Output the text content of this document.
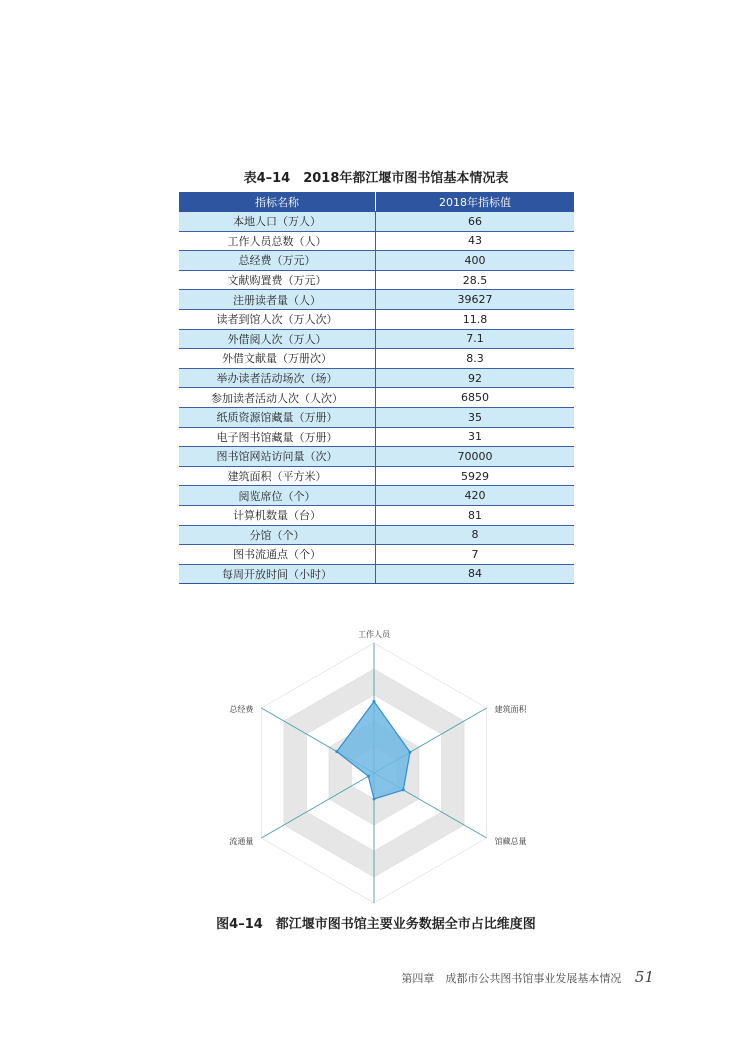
表4–14　2018年都江堰市图书馆基本情况表
指标名称	2018年指标值
本地人口（万人）	66
工作人员总数（人）	43
总经费（万元）	400
文献购置费（万元）	28.5
注册读者量（人）	39627
读者到馆人次（万人次）	11.8
外借阅人次（万人）	7.1
外借文献量（万册次）	8.3
举办读者活动场次（场）	92
参加读者活动人次（人次）	6850
纸质资源馆藏量（万册）	35
电子图书馆藏量（万册）	31
图书馆网站访问量（次）	70000
建筑面积（平方米）	5929
阅览席位（个）	420
计算机数量（台）	81
分馆（个）	8
图书流通点（个）	7
每周开放时间（小时）	84
工作人员
建筑面积
馆藏总量
流通量
总经费
图4–14　都江堰市图书馆主要业务数据全市占比维度图
第四章　成都市公共图书馆事业发展基本情况 51
